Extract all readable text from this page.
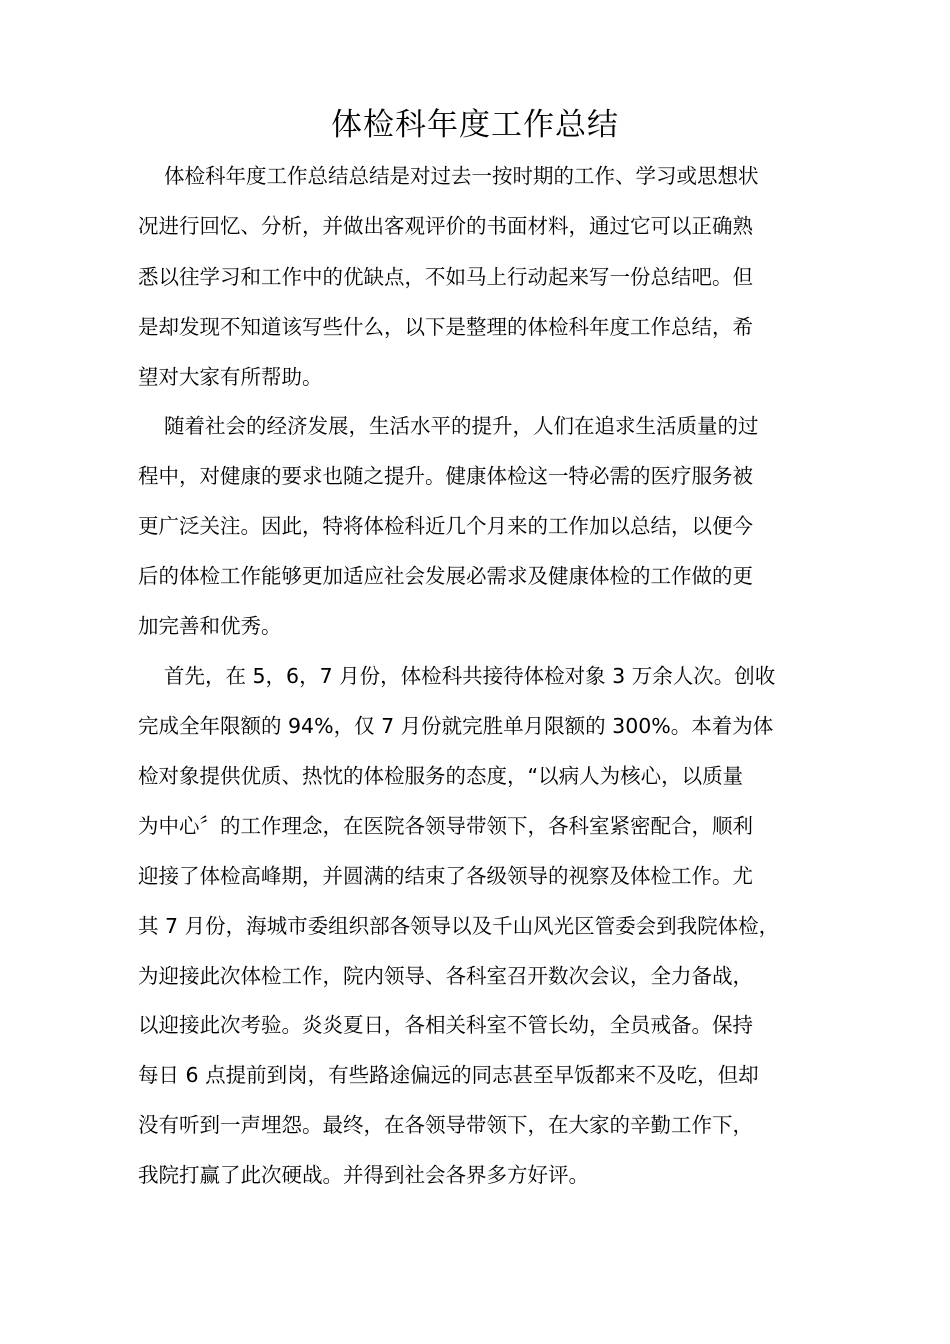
体检科年度工作总结
体检科年度工作总结总结是对过去一按时期的工作、学习或思想状
况进行回忆、分析，并做出客观评价的书面材料，通过它可以正确熟
悉以往学习和工作中的优缺点，不如马上行动起来写一份总结吧。但
是却发现不知道该写些什么，以下是整理的体检科年度工作总结，希
望对大家有所帮助。
随着社会的经济发展，生活水平的提升，人们在追求生活质量的过
程中，对健康的要求也随之提升。健康体检这一特必需的医疗服务被
更广泛关注。因此，特将体检科近几个月来的工作加以总结，以便今
后的体检工作能够更加适应社会发展必需求及健康体检的工作做的更
加完善和优秀。
首先，在 5，6，7 月份，体检科共接待体检对象 3 万余人次。创收
完成全年限额的 94%，仅 7 月份就完胜单月限额的 300%。本着为体
检对象提供优质、热忱的体检服务的态度，“以病人为核心，以质量
为中心〞的工作理念，在医院各领导带领下，各科室紧密配合，顺利
迎接了体检高峰期，并圆满的结束了各级领导的视察及体检工作。尤
其 7 月份，海城市委组织部各领导以及千山风光区管委会到我院体检，
为迎接此次体检工作，院内领导、各科室召开数次会议，全力备战，
以迎接此次考验。炎炎夏日，各相关科室不管长幼，全员戒备。保持
每日 6 点提前到岗，有些路途偏远的同志甚至早饭都来不及吃，但却
没有听到一声埋怨。最终，在各领导带领下，在大家的辛勤工作下，
我院打赢了此次硬战。并得到社会各界多方好评。
